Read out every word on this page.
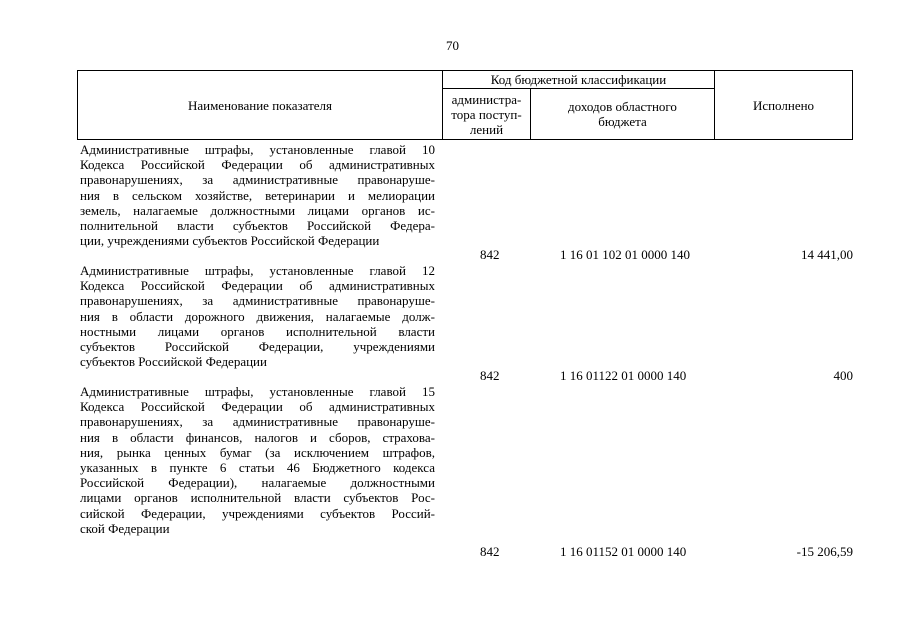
70
Наименование показателя
Код бюджетной классификации
администра-
тора поступ-
лений
доходов областного
бюджета
Исполнено
Административные штрафы, установленные главой 10
Кодекса Российской Федерации об административных
правонарушениях, за административные правонаруше-
ния в сельском хозяйстве, ветеринарии и мелиорации
земель, налагаемые должностными лицами органов ис-
полнительной власти субъектов Российской Федера-
ции, учреждениями субъектов Российской Федерации
842	1 16 01 102 01 0000 140	14 441,00
Административные штрафы, установленные главой 12
Кодекса Российской Федерации об административных
правонарушениях, за административные правонаруше-
ния в области дорожного движения, налагаемые долж-
ностными лицами органов исполнительной власти
субъектов Российской Федерации, учреждениями
субъектов Российской Федерации
842	1 16 01122 01 0000 140	400
Административные штрафы, установленные главой 15
Кодекса Российской Федерации об административных
правонарушениях, за административные правонаруше-
ния в области финансов, налогов и сборов, страхова-
ния, рынка ценных бумаг (за исключением штрафов,
указанных в пункте 6 статьи 46 Бюджетного кодекса
Российской Федерации), налагаемые должностными
лицами органов исполнительной власти субъектов Рос-
сийской Федерации, учреждениями субъектов Россий-
ской Федерации
842	1 16 01152 01 0000 140	-15 206,59
